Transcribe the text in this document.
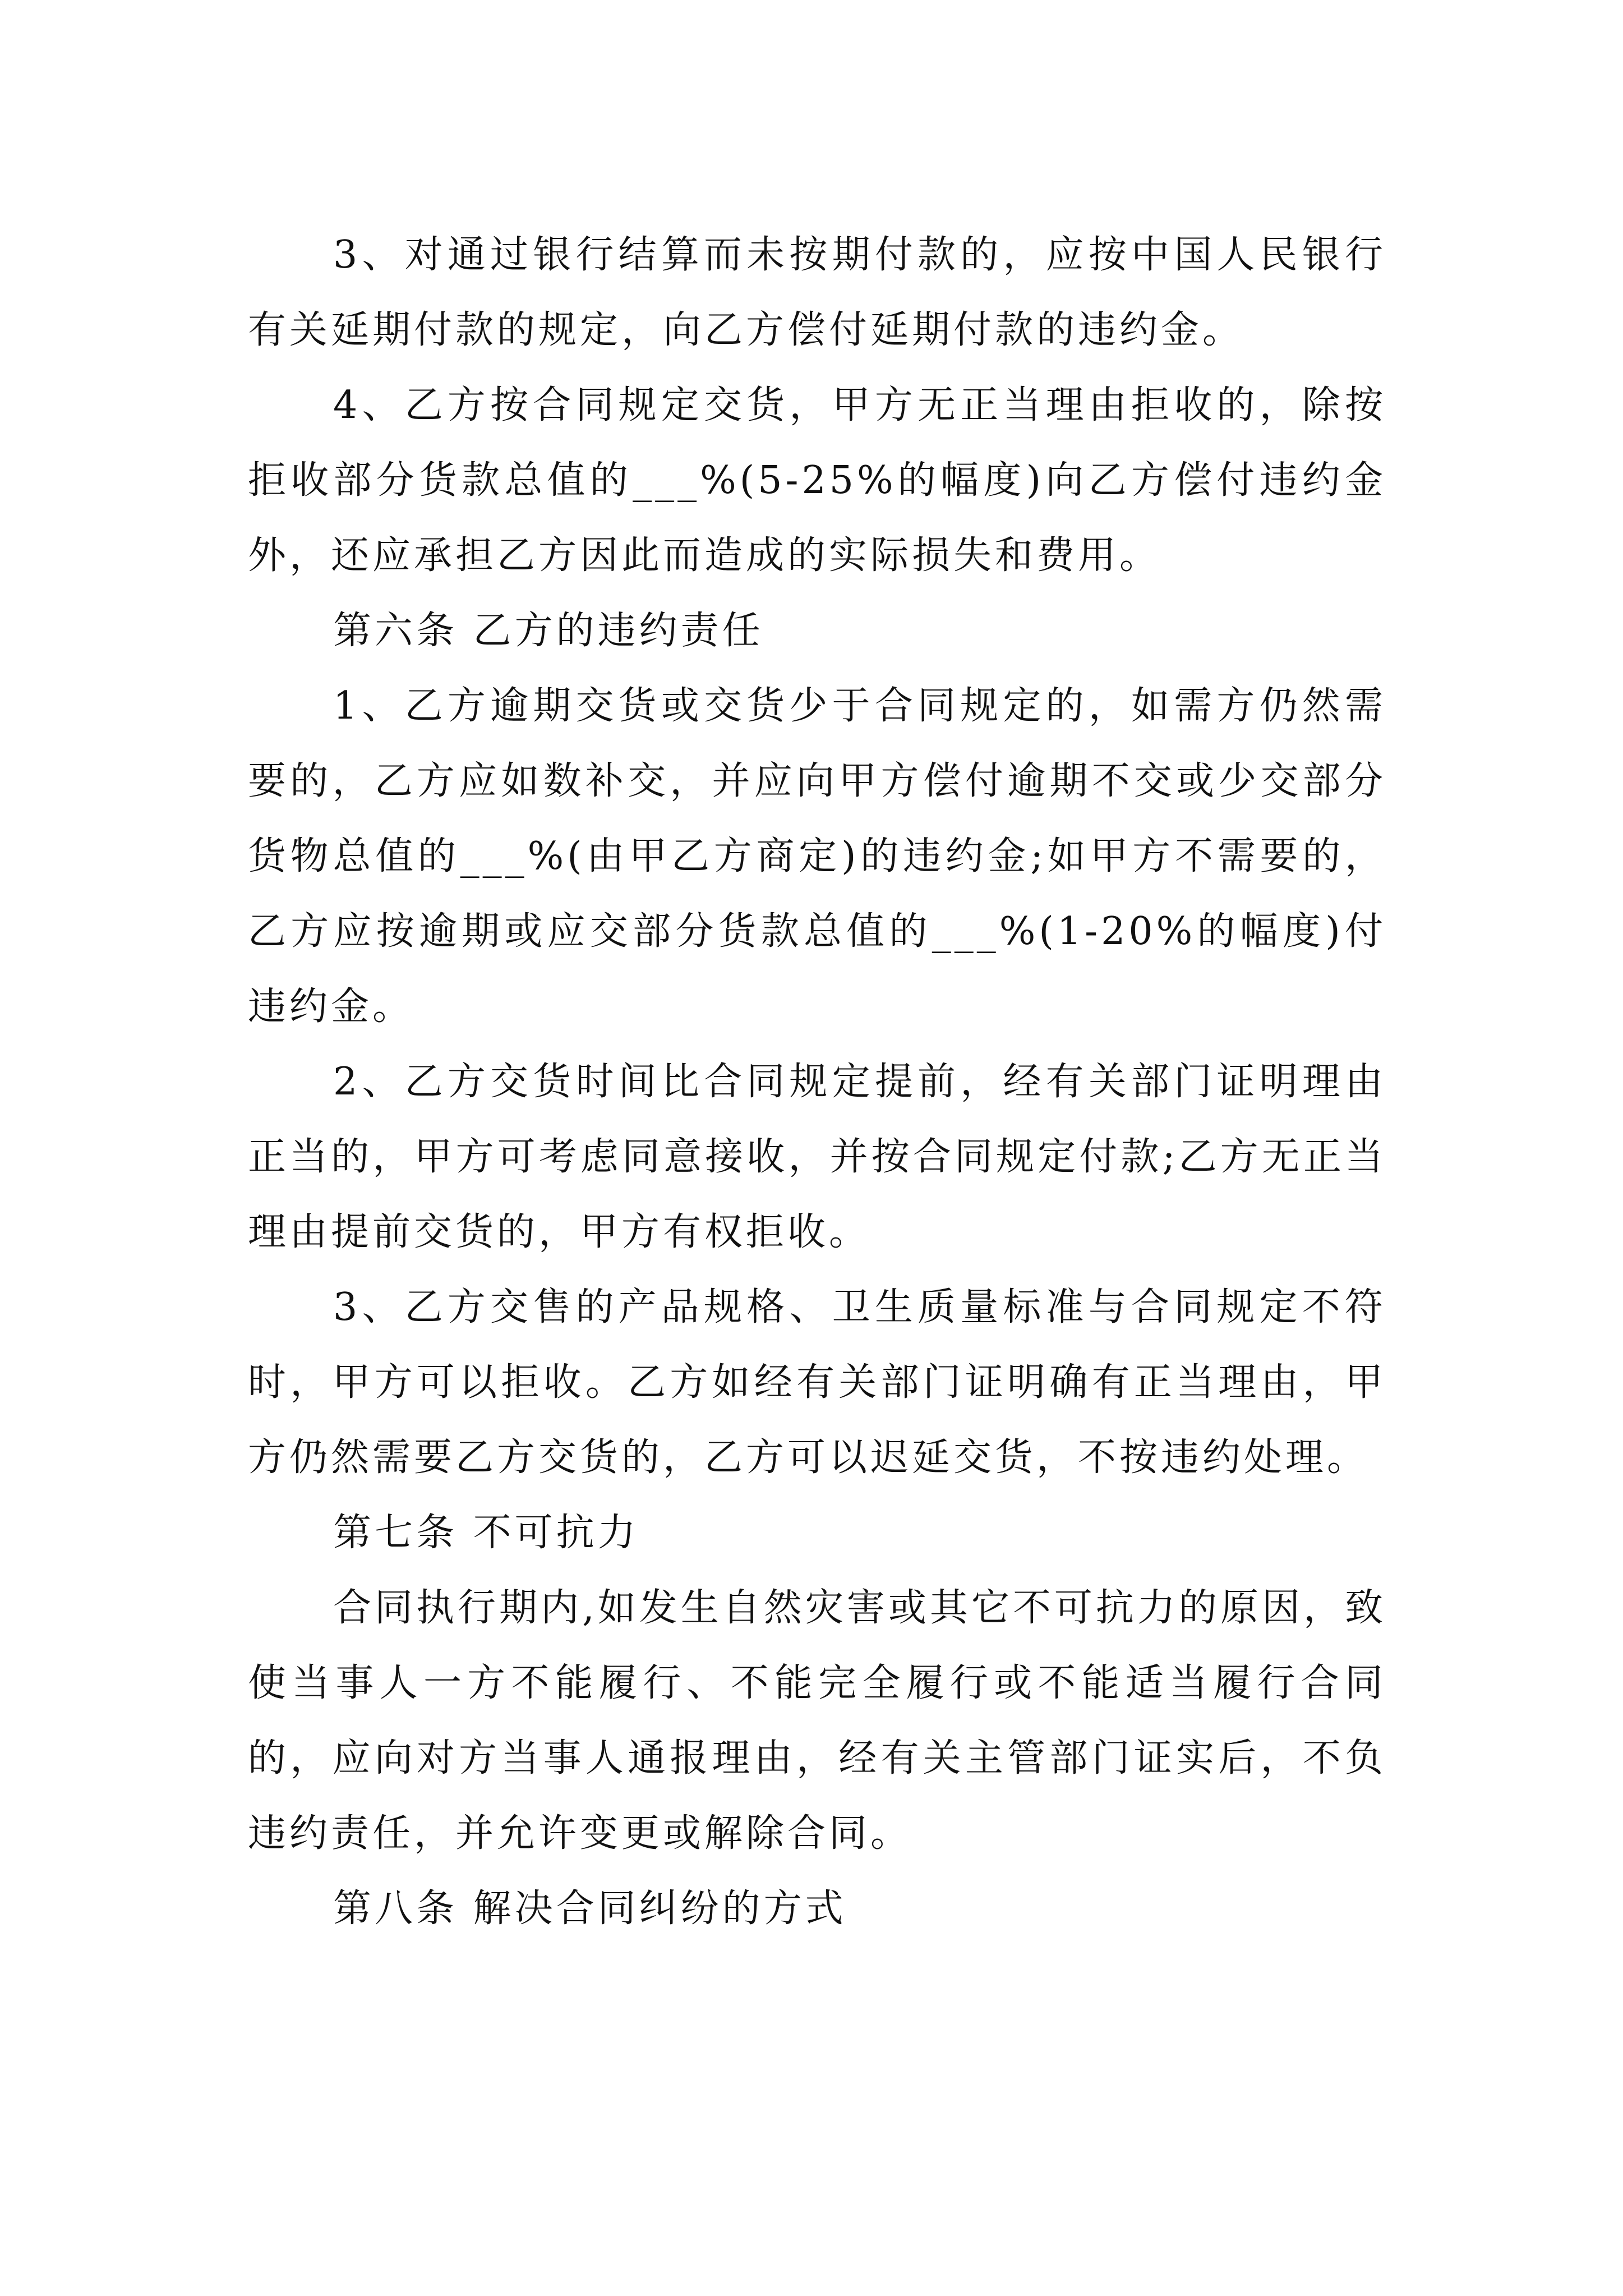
3、对通过银行结算而未按期付款的，应按中国人民银行有关延期付款的规定，向乙方偿付延期付款的违约金。

4、乙方按合同规定交货，甲方无正当理由拒收的，除按拒收部分货款总值的___%(5-25%的幅度)向乙方偿付违约金外，还应承担乙方因此而造成的实际损失和费用。

第六条 乙方的违约责任

1、乙方逾期交货或交货少于合同规定的，如需方仍然需要的，乙方应如数补交，并应向甲方偿付逾期不交或少交部分货物总值的___%(由甲乙方商定)的违约金;如甲方不需要的，乙方应按逾期或应交部分货款总值的___%(1-20%的幅度)付违约金。

2、乙方交货时间比合同规定提前，经有关部门证明理由正当的，甲方可考虑同意接收，并按合同规定付款;乙方无正当理由提前交货的，甲方有权拒收。

3、乙方交售的产品规格、卫生质量标准与合同规定不符时，甲方可以拒收。乙方如经有关部门证明确有正当理由，甲方仍然需要乙方交货的，乙方可以迟延交货，不按违约处理。

第七条 不可抗力

合同执行期内,如发生自然灾害或其它不可抗力的原因，致使当事人一方不能履行、不能完全履行或不能适当履行合同的，应向对方当事人通报理由，经有关主管部门证实后，不负违约责任，并允许变更或解除合同。

第八条 解决合同纠纷的方式
